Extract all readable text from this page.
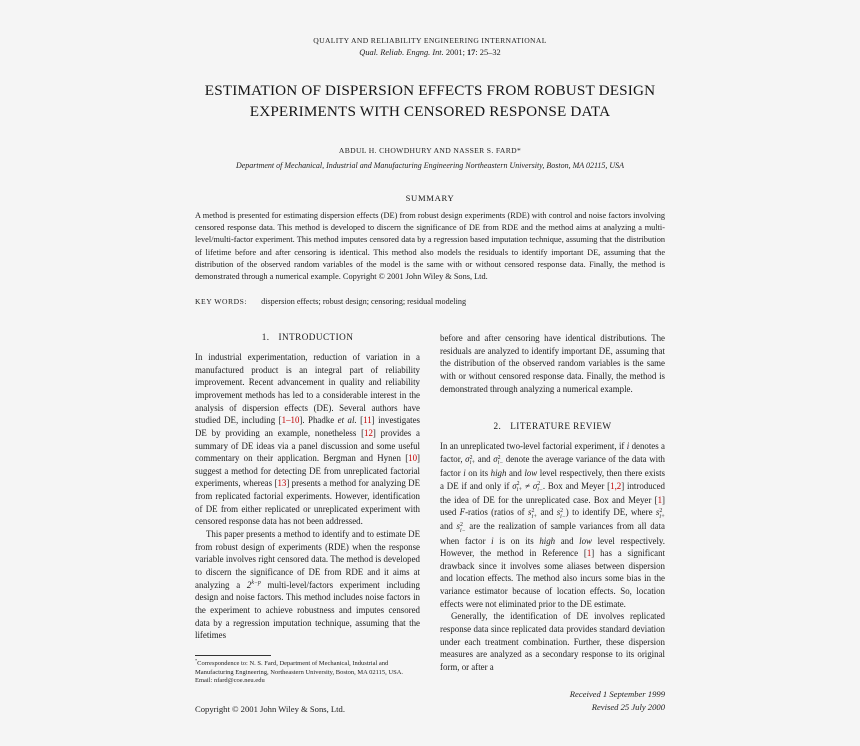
QUALITY AND RELIABILITY ENGINEERING INTERNATIONAL
Qual. Reliab. Engng. Int. 2001; 17: 25–32
ESTIMATION OF DISPERSION EFFECTS FROM ROBUST DESIGN
EXPERIMENTS WITH CENSORED RESPONSE DATA
ABDUL H. CHOWDHURY AND NASSER S. FARD*
Department of Mechanical, Industrial and Manufacturing Engineering Northeastern University, Boston, MA 02115, USA
SUMMARY
A method is presented for estimating dispersion effects (DE) from robust design experiments (RDE) with control and noise factors involving censored response data. This method is developed to discern the significance of DE from RDE and the method aims at analyzing a multi-level/multi-factor experiment. This method imputes censored data by a regression based imputation technique, assuming that the distribution of lifetime before and after censoring is identical. This method also models the residuals to identify important DE, assuming that the distribution of the observed random variables of the model is the same with or without censored response data. Finally, the method is demonstrated through a numerical example. Copyright © 2001 John Wiley & Sons, Ltd.
KEY WORDS: dispersion effects; robust design; censoring; residual modeling
1. INTRODUCTION

In industrial experimentation, reduction of variation in a manufactured product is an integral part of reliability improvement. Recent advancement in quality and reliability improvement methods has led to a considerable interest in the analysis of dispersion effects (DE). Several authors have studied DE, including [1–10]. Phadke et al. [11] investigates DE by providing an example, nonetheless [12] provides a summary of DE ideas via a panel discussion and some useful commentary on their application. Bergman and Hynen [10] suggest a method for detecting DE from unreplicated factorial experiments, whereas [13] presents a method for analyzing DE from replicated factorial experiments. However, identification of DE from either replicated or unreplicated experiment with censored response data has not been addressed.

This paper presents a method to identify and to estimate DE from robust design of experiments (RDE) when the response variable involves right censored data. The method is developed to discern the significance of DE from RDE and it aims at analyzing a $2^{k-p}$ multi-level/factors experiment including design and noise factors. This method includes noise factors in the experiment to achieve robustness and imputes censored data by a regression imputation technique, assuming that the lifetimes

*Correspondence to: N. S. Fard, Department of Mechanical, Industrial and Manufacturing Engineering, Northeastern University, Boston, MA 02115, USA. Email: nfard@coe.neu.edu

before and after censoring have identical distributions. The residuals are analyzed to identify important DE, assuming that the distribution of the observed random variables is the same with or without censored response data. Finally, the method is demonstrated through analyzing a numerical example.

2. LITERATURE REVIEW

In an unreplicated two-level factorial experiment, if i denotes a factor, σ 2
i+ and σ 2
i− denote the average variance of the data with factor i on its high and low level respectively, then there exists a DE if and only if σ 2
i+ ≠ σ 2
i− . Box and Meyer [1,2] introduced the idea of DE for the unreplicated case. Box and Meyer [1] used F-ratios (ratios of s 2
i+ and s 2
i− ) to identify DE, where s 2
i+
and s 2
i− are the realization of sample variances from all data when factor i is on its high and low level respectively. However, the method in Reference [1] has a significant drawback since it involves some aliases between dispersion and location effects. The method also incurs some bias in the variance estimator because of location effects. So, location effects were not eliminated prior to the DE estimate.

Generally, the identification of DE involves replicated response data since replicated data provides standard deviation under each treatment combination. Further, these dispersion measures are analyzed as a secondary response to its original form, or after a

Copyright © 2001 John Wiley & Sons, Ltd.
Received 1 September 1999
Revised 25 July 2000
